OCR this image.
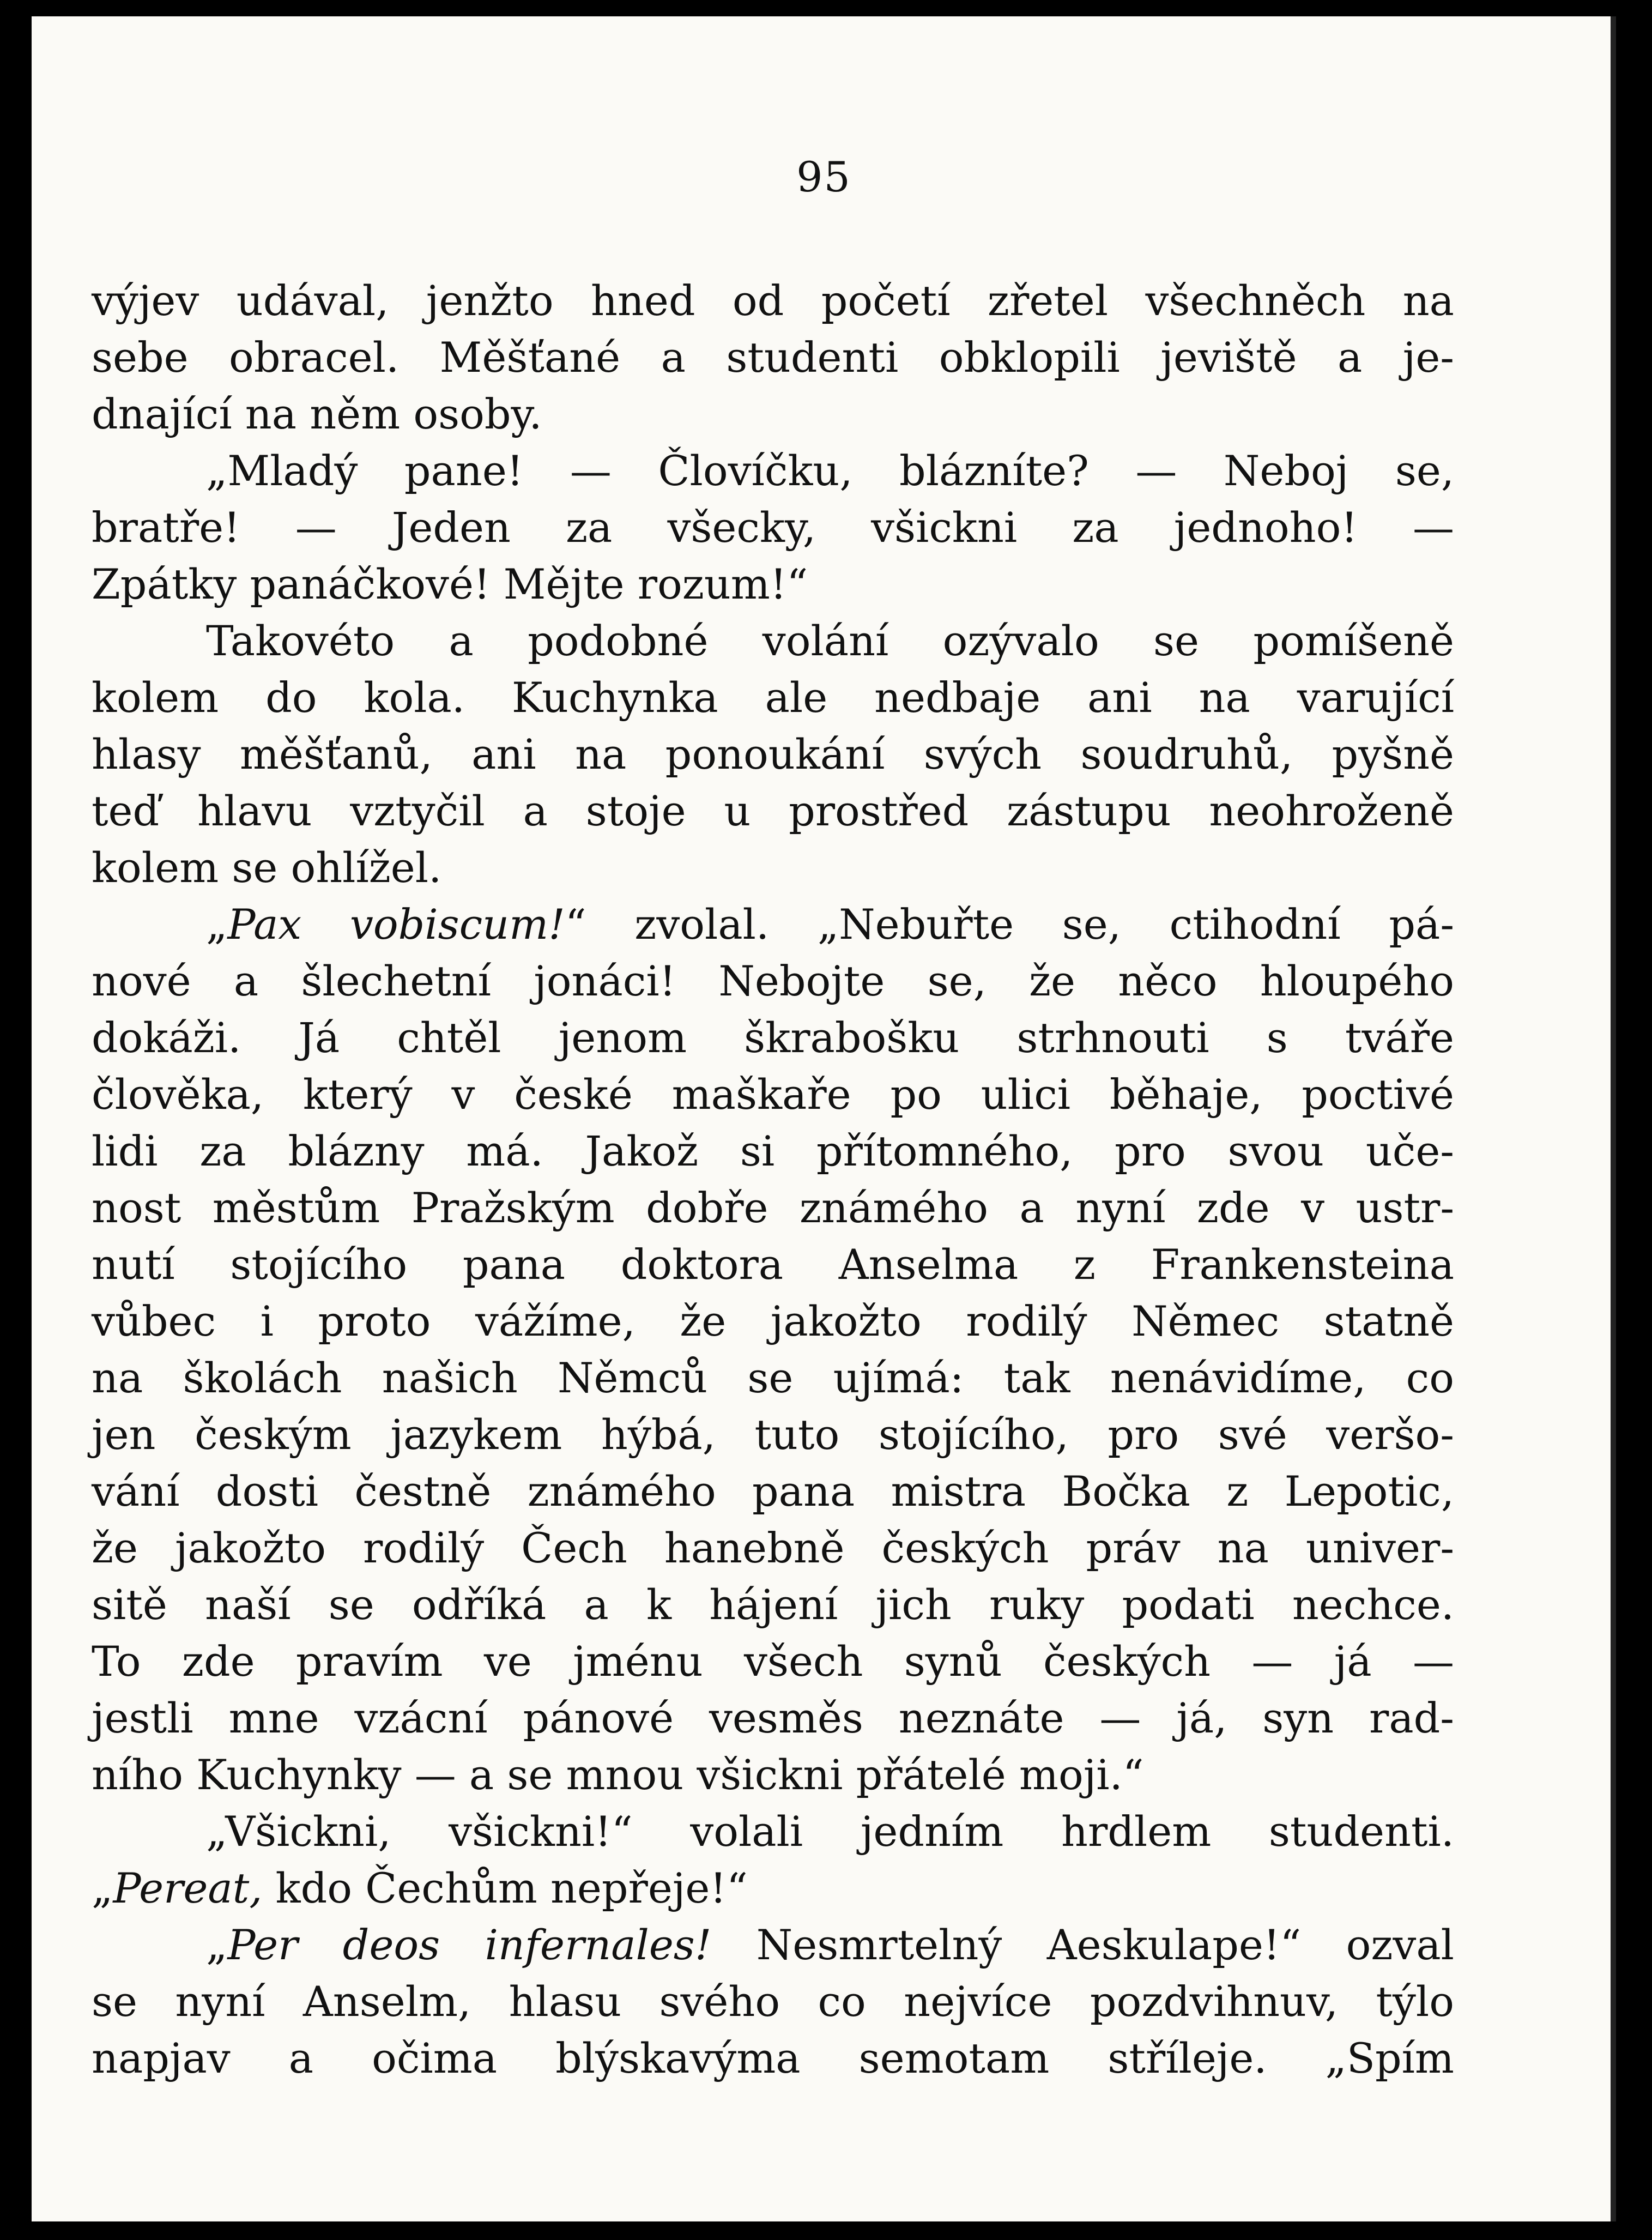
95
výjev udával, jenžto hned od početí zřetel všechněch na
sebe obracel. Měšťané a studenti obklopili jeviště a je-
dnající na něm osoby.
„Mladý pane! — Človíčku, blázníte? — Neboj se,
bratře! — Jeden za všecky, všickni za jednoho! —
Zpátky panáčkové! Mějte rozum!“
Takovéto a podobné volání ozývalo se pomíšeně
kolem do kola. Kuchynka ale nedbaje ani na varující
hlasy měšťanů, ani na ponoukání svých soudruhů, pyšně
teď hlavu vztyčil a stoje u prostřed zástupu neohroženě
kolem se ohlížel.
„Pax vobiscum!“ zvolal. „Nebuřte se, ctihodní pá-
nové a šlechetní jonáci! Nebojte se, že něco hloupého
dokáži. Já chtěl jenom škrabošku strhnouti s tváře
člověka, který v české maškaře po ulici běhaje, poctivé
lidi za blázny má. Jakož si přítomného, pro svou uče-
nost městům Pražským dobře známého a nyní zde v ustr-
nutí stojícího pana doktora Anselma z Frankensteina
vůbec i proto vážíme, že jakožto rodilý Němec statně
na školách našich Němců se ujímá: tak nenávidíme, co
jen českým jazykem hýbá, tuto stojícího, pro své veršo-
vání dosti čestně známého pana mistra Bočka z Lepotic,
že jakožto rodilý Čech hanebně českých práv na univer-
sitě naší se odříká a k hájení jich ruky podati nechce.
To zde pravím ve jménu všech synů českých — já —
jestli mne vzácní pánové vesměs neznáte — já, syn rad-
ního Kuchynky — a se mnou všickni přátelé moji.“
„Všickni, všickni!“ volali jedním hrdlem studenti.
„Pereat, kdo Čechům nepřeje!“
„Per deos infernales! Nesmrtelný Aeskulape!“ ozval
se nyní Anselm, hlasu svého co nejvíce pozdvihnuv, týlo
napjav a očima blýskavýma semotam stříleje. „Spím
